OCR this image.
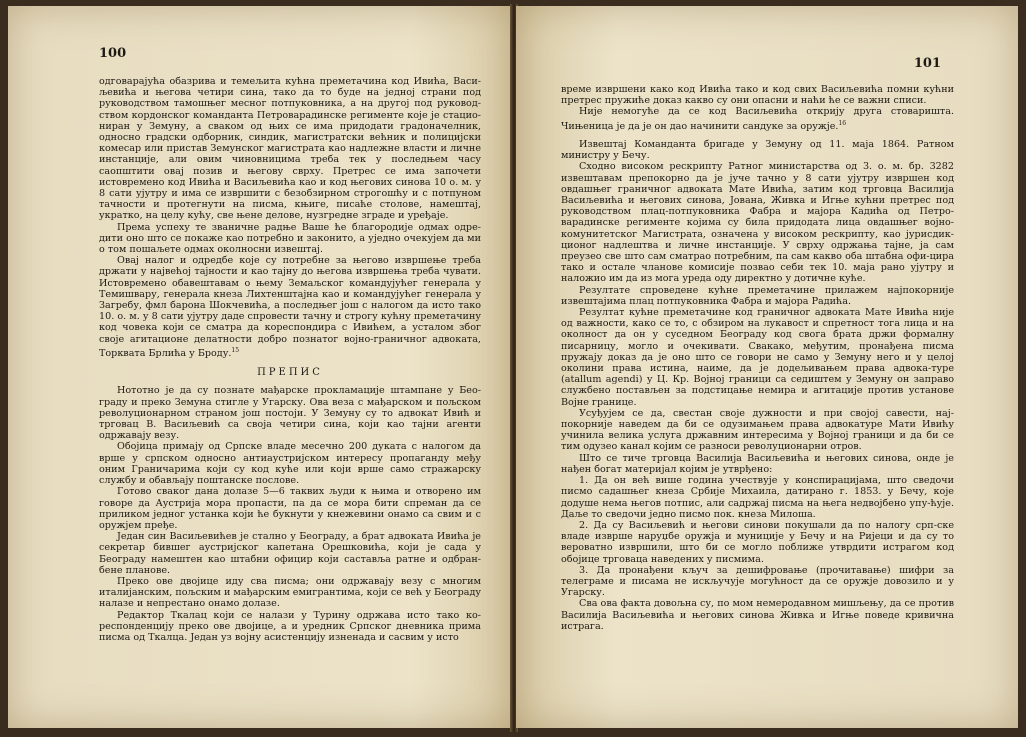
100

одговарајућа обазрива и темељита кућна преметачина код Ивића, Васи-љевића и његова четири сина, тако да то буде на једној страни под руководством тамошњег месног потпуковника, а на другој под руковод-ством кордонског команданта Петроварадинске регименте које је стацио-ниран у Земуну, а сваком од њих се има придодати градоначелник, односно градски одборник, синдик, магистратски већник и полицијски комесар или пристав Земунског магистрата као надлежне власти и личне инстанције, али овим чиновницима треба тек у последњем часу саопштити овај позив и његову сврху. Претрес се има започети истовремено код Ивића и Васиљевића као и код његових синова 10 о. м. у 8 сати ујутру и има се извршити с безобзирном строгошћу и с потпуном тачности и протегнути на писма, књиге, писаће столове, намештај, укратко, на целу кућу, све њене делове, нузгредне зграде и уређаје.

Према успеху те званичне радње Ваше ће благородије одмах одре-дити оно што се покаже као потребно и законито, а уједно очекујем да ми о том пошаљете одмах околносни извештај.

Овај налог и одредбе које су потребне за његово извршење треба држати у највећој тајности и као тајну до његова извршења треба чувати. Истовремено обавештавам о њему Земаљског командујућег генерала у Темишвару, генерала кнеза Лихтенштајна као и командујућег генерала у Загребу, фмл барона Шокчевића, а последњег још с налогом да исто тако 10. о. м. у 8 сати ујутру даде спровести тачну и строгу кућну преметачину код човека који се сматра да кореспондира с Ивићем, а усталом због своје агитационе делатности добро познатог војно-граничног адвоката, Торквата Брлића у Броду.$^{15}$

ПРЕПИС

Нототно је да су познате мађарске прокламације штампане у Бео-граду и преко Земуна стигле у Угарску. Ова веза с мађарском и пољском револуционарном страном још постоји. У Земуну су то адвокат Ивић и трговац В. Васиљевић са своја четири сина, који као тајни агенти одржавају везу.

Обојица примају од Српске владе месечно 200 дуката с налогом да врше у српском односно антиаустријском интересу пропаганду међу оним Граничарима који су код куће или који врше само стражарску службу и обављају поштанске послове.

Готово сваког дана долазе 5—6 таквих људи к њима и отворено им говоре да Аустрија мора пропасти, па да се мора бити спреман да се приликом једног устанка који ће букнути у кнежевини онамо са свим и с оружјем пређе.

Један син Васиљевићев је стално у Београду, а брат адвоката Ивића је секретар бившег аустријског капетана Орешковића, који је сада у Београду намештен као штабни официр који саставља ратне и одбран-бене планове.

Преко ове двојице иду сва писма; они одржавају везу с многим италијанским, пољским и мађарским емигрантима, који се већ у Београду налазе и непрестано онамо долазе.

Редактор Ткалац који се налази у Турину одржава исто тако ко-респонденцију преко ове двојице, а и уредник Српског дневника прима писма од Ткалца. Један уз војну асистенцију изненада и сасвим у исто

101

време извршени како код Ивића тако и код свих Васиљевића помни кућни претрес пружиће доказ какво су они опасни и наћи ће се важни списи.

Није немогуће да се код Васиљевића открију друга стоваришта. Чињеница је да је он дао начинити сандуке за оружје.$^{16}$

Извештај Команданта бригаде у Земуну од 11. маја 1864. Ратном министру у Бечу.

Сходно високом рескрипту Ратног министарства од 3. о. м. бр. 3282 извештавам препокорно да је јуче тачно у 8 сати ујутру извршен код овдашњег граничног адвоката Мате Ивића, затим код трговца Василија Васиљевића и његових синова, Јована, Живка и Игње кућни претрес под руководством плац-потпуковника Фабра и мајора Кадића од Петро-варадинске регименте којима су била придодата лица овдашњег војно-комунитетског Магистрата, означена у високом рескрипту, као јурисдик-ционог надлештва и личне инстанције. У сврху одржања тајне, ја сам преузео све што сам сматрао потребним, па сам какво оба штабна офи-цира тако и остале чланове комисије позвао себи тек 10. маја рано ујутру и наложио им да из мога уреда оду директно у дотичне куће.

Резултате спроведене кућне преметачине прилажем најпокорније извештајима плац потпуковника Фабра и мајора Радића.

Резултат кућне преметачине код граничног адвоката Мате Ивића није од важности, како се то, с обзиром на лукавост и спретност тога лица и на околност да он у суседном Београду код свога брата држи формалну писарницу, могло и очекивати. Свакако, међутим, пронађена писма пружају доказ да је оно што се говори не само у Земуну него и у целој околини права истина, наиме, да је додељивањем права адвока-туре (atallum agendi) у Ц. Кр. Војној граници са седиштем у Земуну он заправо службено постављен за подстицање немира и агитације против установе Војне границе.

Усуђујем се да, свестан своје дужности и при својој савести, нај-покорније наведем да би се одузимањем права адвокатуре Мати Ивићу учинила велика услуга државним интересима у Војној граници и да би се тим одузео канал којим се разноси револуционарни отров.

Што се тиче трговца Василија Васиљевића и његових синова, онде је нађен богат материјал којим је утврђено:

1. Да он већ више година учествује у конспирацијама, што сведочи писмо садашњег кнеза Србије Михаила, датирано г. 1853. у Бечу, које додуше нема његов потпис, али садржај писма на њега недвојбено упу-ћује. Даље то сведочи једно писмо пок. кнеза Милоша.

2. Да су Васиљевић и његови синови покушали да по налогу срп-ске владе изврше наруџбе оружја и муниције у Бечу и на Ријеци и да су то вероватно извршили, што би се могло поближе утврдити истрагом код обојице трговаца наведених у писмима.

3. Да пронађени кључ за дешифровање (прочитавање) шифри за телеграме и писама не искључује могућност да се оружје довозило и у Угарску.

Сва ова факта довољна су, по мом немеродавном мишљењу, да се против Василија Васиљевића и његових синова Живка и Игње поведе кривична истрага.
